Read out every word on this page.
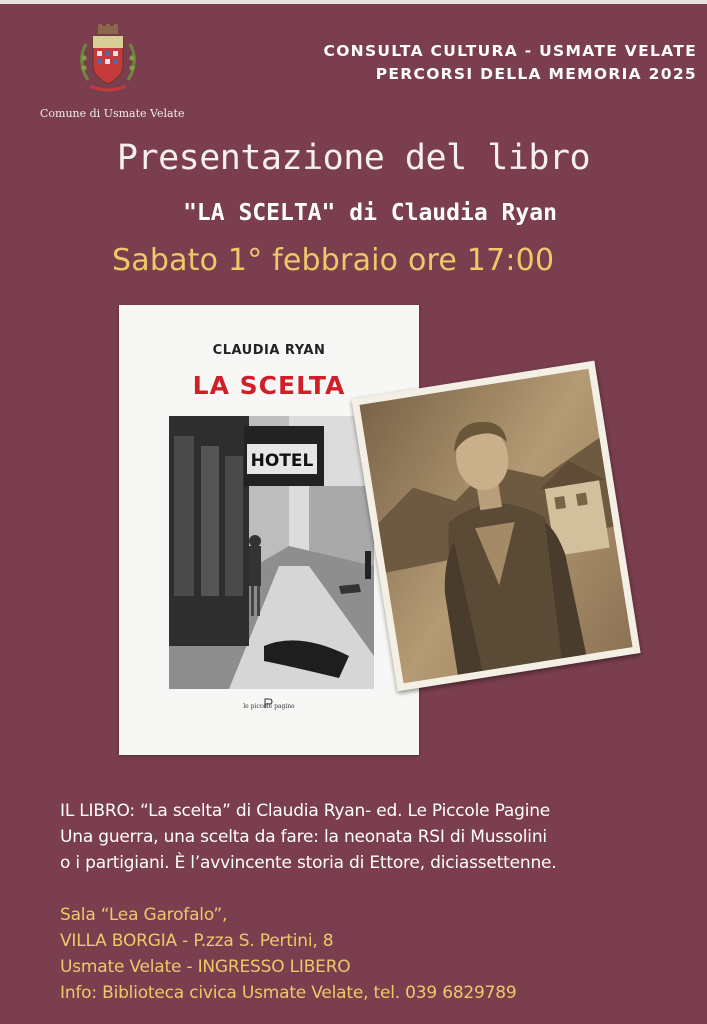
Comune di Usmate Velate
CONSULTA CULTURA - USMATE VELATE
PERCORSI DELLA MEMORIA 2025
Presentazione del libro
"LA SCELTA" di Claudia Ryan
Sabato 1° febbraio ore 17:00
CLAUDIA RYAN
LA SCELTA
HOTEL
le piccole pagine
IL LIBRO: “La scelta” di Claudia Ryan- ed. Le Piccole Pagine
Una guerra, una scelta da fare: la neonata RSI di Mussolini
o i partigiani. È l’avvincente storia di Ettore, diciassettenne.
Sala “Lea Garofalo”,
VILLA BORGIA - P.zza S. Pertini, 8
Usmate Velate - INGRESSO LIBERO
Info: Biblioteca civica Usmate Velate, tel. 039 6829789
